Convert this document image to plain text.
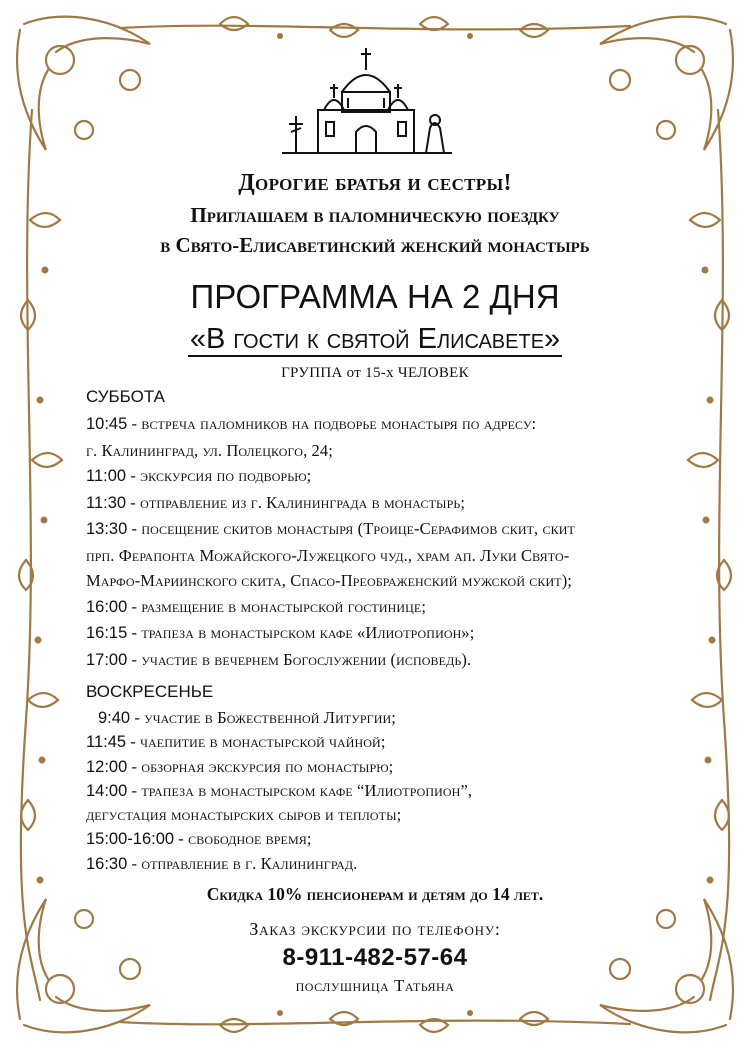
Дорогие братья и сестры!
Приглашаем в паломническую поездку
в Свято-Елисаветинский женский монастырь
ПРОГРАММА НА 2 ДНЯ
«В гости к святой Елисавете»
ГРУППА от 15-х ЧЕЛОВЕК
СУББОТА
10:45 - встреча паломников на подворье монастыря по адресу:
г. Калининград, ул. Полецкого, 24;
11:00 - экскурсия по подворью;
11:30 - отправление из г. Калининграда в монастырь;
13:30 - посещение скитов монастыря (Троице-Серафимов скит, скит
прп. Ферапонта Можайского-Лужецкого чуд., храм ап. Луки Свято-
Марфо-Мариинского скита, Спасо-Преображенский мужской скит);
16:00 - размещение в монастырской гостинице;
16:15 - трапеза в монастырском кафе «Илиотропион»;
17:00 - участие в вечернем Богослужении (исповедь).
ВОСКРЕСЕНЬЕ
9:40 - участие в Божественной Литургии;
11:45 - чаепитие в монастырской чайной;
12:00 - обзорная экскурсия по монастырю;
14:00 - трапеза в монастырском кафе “Илиотропион”,
дегустация монастырских сыров и теплоты;
15:00-16:00 - свободное время;
16:30 - отправление в г. Калининград.
Скидка 10% пенсионерам и детям до 14 лет.
Заказ экскурсии по телефону:
8-911-482-57-64
послушница Татьяна
